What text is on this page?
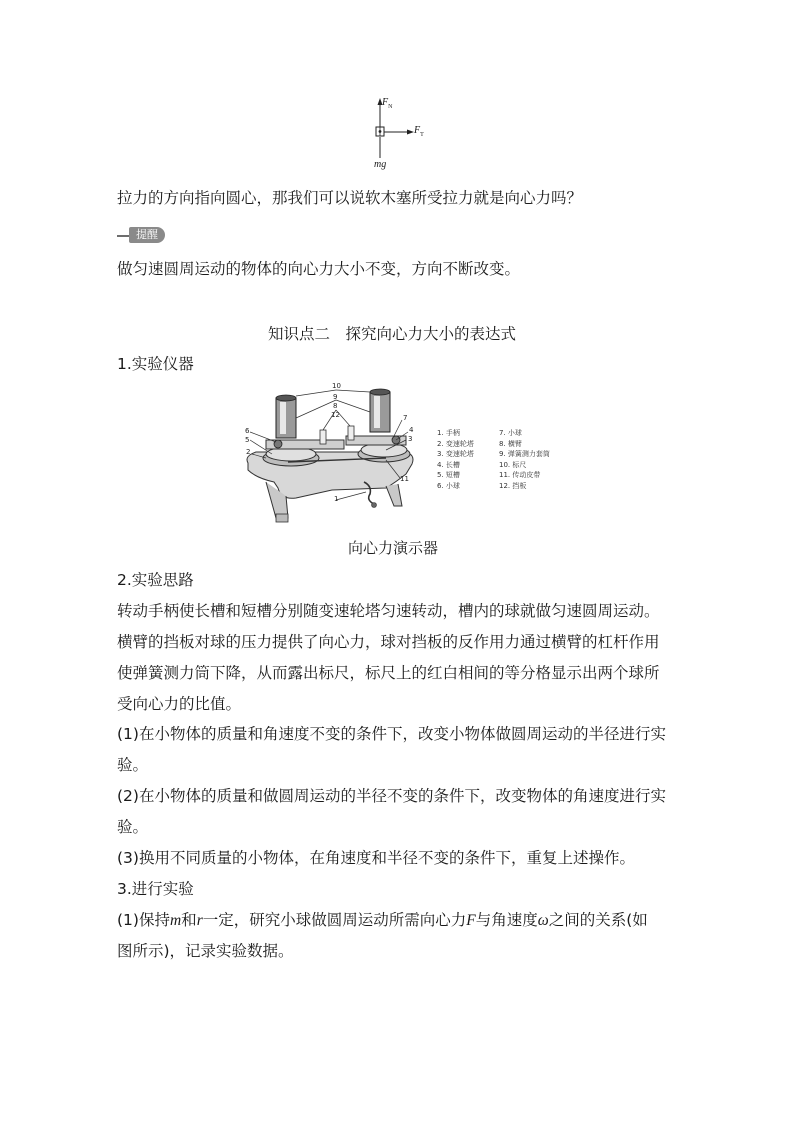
$F_N$
$F_T$
mg
拉力的方向指向圆心，那我们可以说软木塞所受拉力就是向心力吗？
提醒
做匀速圆周运动的物体的向心力大小不变，方向不断改变。
知识点二　探究向心力大小的表达式
1.实验仪器
10
9
8
12	7
6
5
2
4
3
11
1
1. 手柄	7. 小球
2. 变速轮塔	8. 横臂
3. 变速轮塔	9. 弹簧测力套筒
4. 长槽	10. 标尺
5. 短槽	11. 传动皮带
6. 小球	12. 挡板
向心力演示器
2.实验思路
转动手柄使长槽和短槽分别随变速轮塔匀速转动，槽内的球就做匀速圆周运动。
横臂的挡板对球的压力提供了向心力，球对挡板的反作用力通过横臂的杠杆作用
使弹簧测力筒下降，从而露出标尺，标尺上的红白相间的等分格显示出两个球所
受向心力的比值。
(1)在小物体的质量和角速度不变的条件下，改变小物体做圆周运动的半径进行实
验。
(2)在小物体的质量和做圆周运动的半径不变的条件下，改变物体的角速度进行实
验。
(3)换用不同质量的小物体，在角速度和半径不变的条件下，重复上述操作。
3.进行实验
(1)保持m和r一定，研究小球做圆周运动所需向心力F与角速度ω之间的关系(如
图所示)，记录实验数据。
